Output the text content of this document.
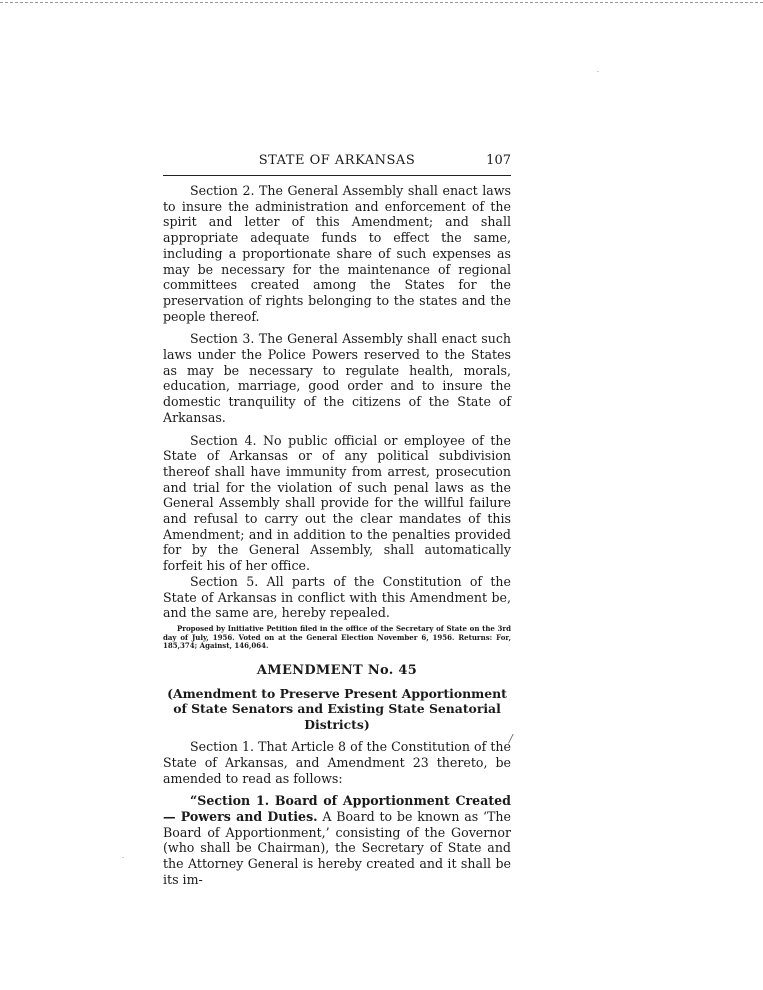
STATE OF ARKANSAS	107

Section 2. The General Assembly shall enact laws to insure the administration and enforcement of the spirit and letter of this Amendment; and shall appropriate adequate funds to effect the same, including a proportionate share of such expenses as may be necessary for the maintenance of regional committees created among the States for the preservation of rights belonging to the states and the people thereof.

Section 3. The General Assembly shall enact such laws under the Police Powers reserved to the States as may be necessary to regulate health, morals, education, marriage, good order and to insure the domestic tranquility of the citizens of the State of Arkansas.

Section 4. No public official or employee of the State of Arkansas or of any political subdivision thereof shall have immunity from arrest, prosecution and trial for the violation of such penal laws as the General Assembly shall provide for the willful failure and refusal to carry out the clear mandates of this Amendment; and in addition to the penalties provided for by the General Assembly, shall automatically forfeit his of her office.

Section 5. All parts of the Constitution of the State of Arkansas in conflict with this Amendment be, and the same are, hereby repealed.

Proposed by Initiative Petition filed in the office of the Secretary of State on the 3rd day of July, 1956. Voted on at the General Election November 6, 1956. Returns: For, 185,374; Against, 146,064.

AMENDMENT No. 45
(Amendment to Preserve Present Apportionment of State Senators and Existing State Senatorial Districts)

Section 1. That Article 8 of the Constitution of the State of Arkansas, and Amendment 23 thereto, be amended to read as follows:

“Section 1. Board of Apportionment Created — Powers and Duties. A Board to be known as ‘The Board of Apportionment,’ consisting of the Governor (who shall be Chairman), the Secretary of State and the Attorney General is hereby created and it shall be its im-

/
·
·
